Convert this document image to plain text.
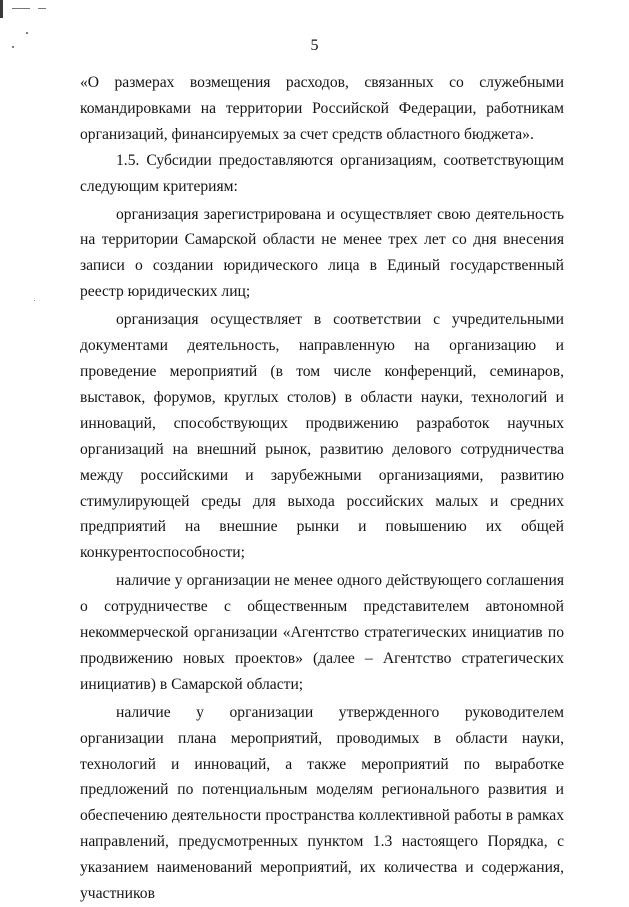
5

«О размерах возмещения расходов, связанных со служебными командировками на территории Российской Федерации, работникам организаций, финансируемых за счет средств областного бюджета».

1.5. Субсидии предоставляются организациям, соответствующим следующим критериям:

организация зарегистрирована и осуществляет свою деятельность на территории Самарской области не менее трех лет со дня внесения записи о создании юридического лица в Единый государственный реестр юридических лиц;

организация осуществляет в соответствии с учредительными документами деятельность, направленную на организацию и проведение мероприятий (в том числе конференций, семинаров, выставок, форумов, круглых столов) в области науки, технологий и инноваций, способствующих продвижению разработок научных организаций на внешний рынок, развитию делового сотрудничества между российскими и зарубежными организациями, развитию стимулирующей среды для выхода российских малых и средних предприятий на внешние рынки и повышению их общей конкурентоспособности;

наличие у организации не менее одного действующего соглашения о сотрудничестве с общественным представителем автономной некоммерческой организации «Агентство стратегических инициатив по продвижению новых проектов» (далее – Агентство стратегических инициатив) в Самарской области;

наличие у организации утвержденного руководителем организации плана мероприятий, проводимых в области науки, технологий и инноваций, а также мероприятий по выработке предложений по потенциальным моделям регионального развития и обеспечению деятельности пространства коллективной работы в рамках направлений, предусмотренных пунктом 1.3 настоящего Порядка, с указанием наименований мероприятий, их количества и содержания, участников
